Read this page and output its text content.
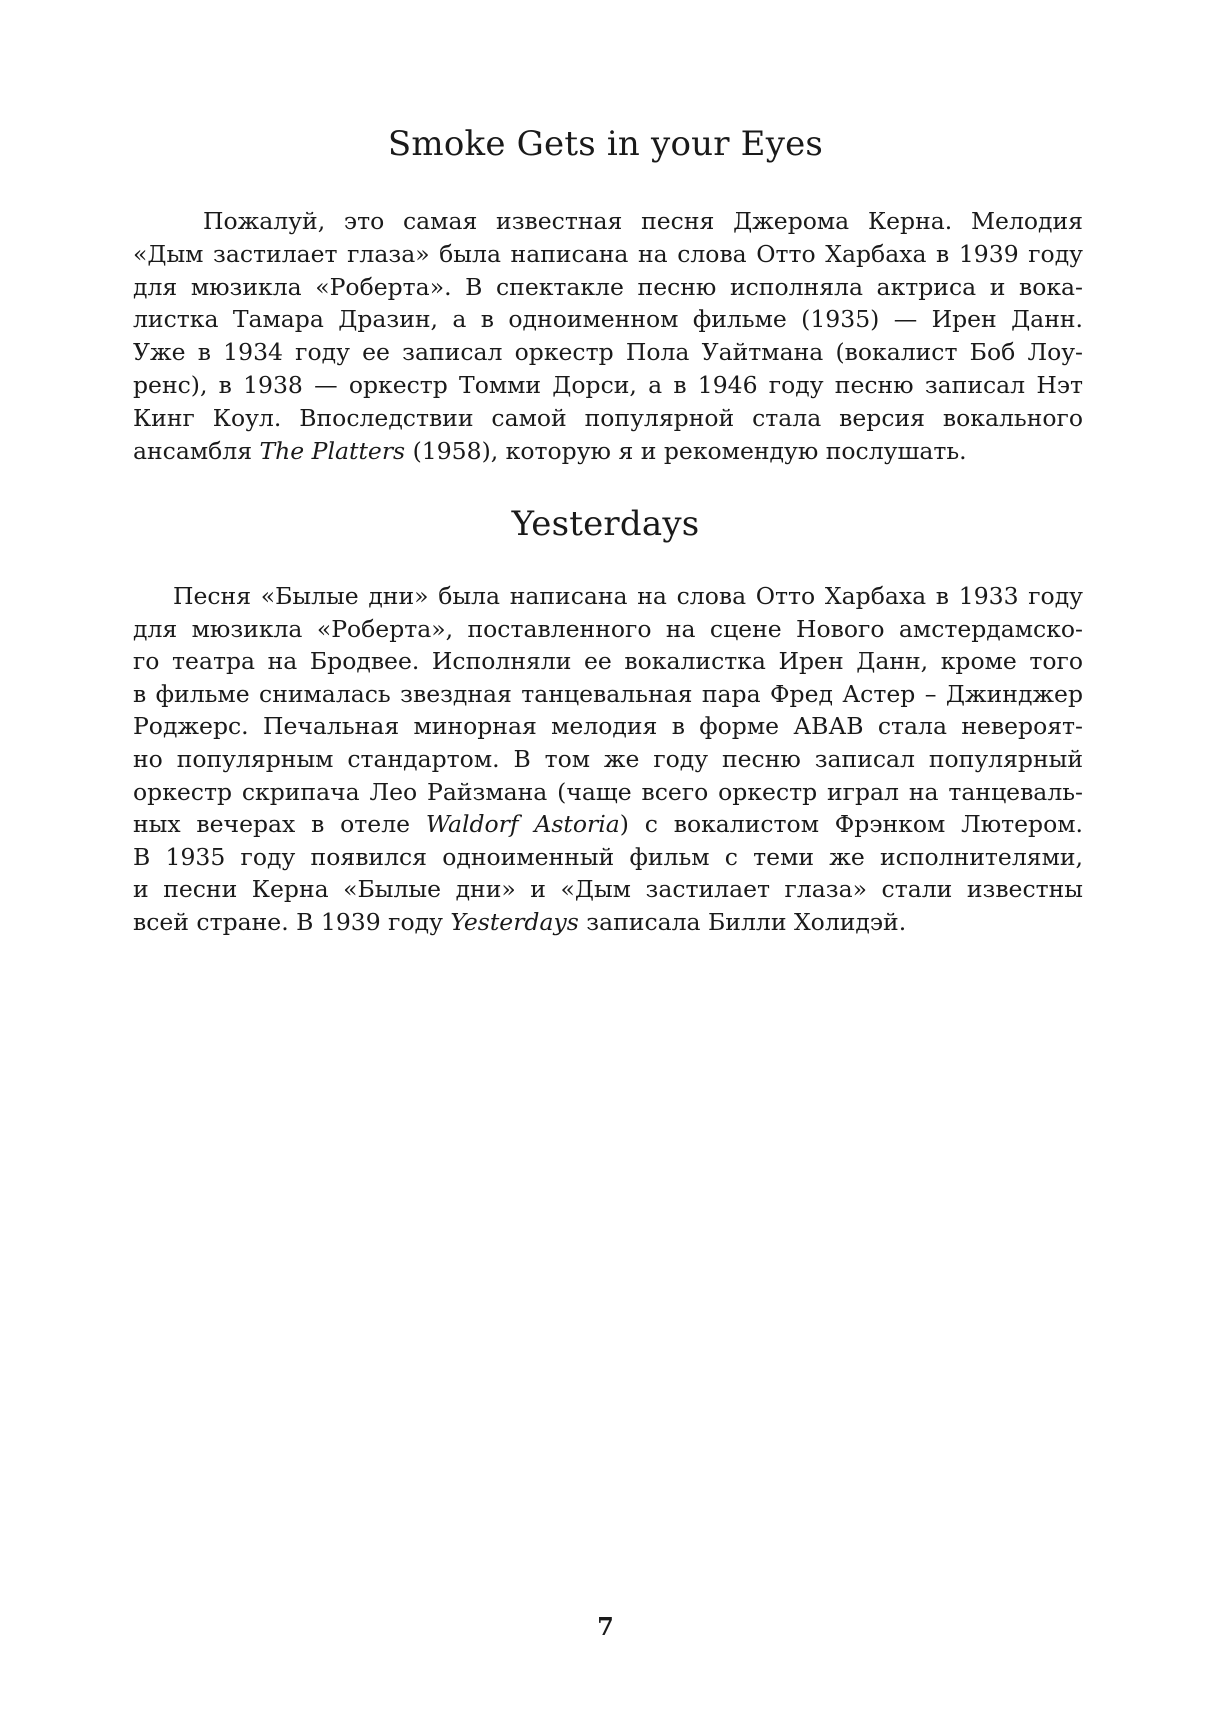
Smoke Gets in your Eyes
Пожалуй, это самая известная песня Джерома Керна. Мелодия
«Дым застилает глаза» была написана на слова Отто Харбаха в 1939 году
для мюзикла «Роберта». В спектакле песню исполняла актриса и вока-
листка Тамара Дразин, а в одноименном фильме (1935) — Ирен Данн.
Уже в 1934 году ее записал оркестр Пола Уайтмана (вокалист Боб Лоу-
ренс), в 1938 — оркестр Томми Дорси, а в 1946 году песню записал Нэт
Кинг Коул. Впоследствии самой популярной стала версия вокального
ансамбля The Platters (1958), которую я и рекомендую послушать.
Yesterdays
Песня «Былые дни» была написана на слова Отто Харбаха в 1933 году
для мюзикла «Роберта», поставленного на сцене Нового амстердамско-
го театра на Бродвее. Исполняли ее вокалистка Ирен Данн, кроме того
в фильме снималась звездная танцевальная пара Фред Астер – Джинджер
Роджерс. Печальная минорная мелодия в форме АВАВ стала невероят-
но популярным стандартом. В том же году песню записал популярный
оркестр скрипача Лео Райзмана (чаще всего оркестр играл на танцеваль-
ных вечерах в отеле Waldorf Astoria) с вокалистом Фрэнком Лютером.
В 1935 году появился одноименный фильм с теми же исполнителями,
и песни Керна «Былые дни» и «Дым застилает глаза» стали известны
всей стране. В 1939 году Yesterdays записала Билли Холидэй.
7
